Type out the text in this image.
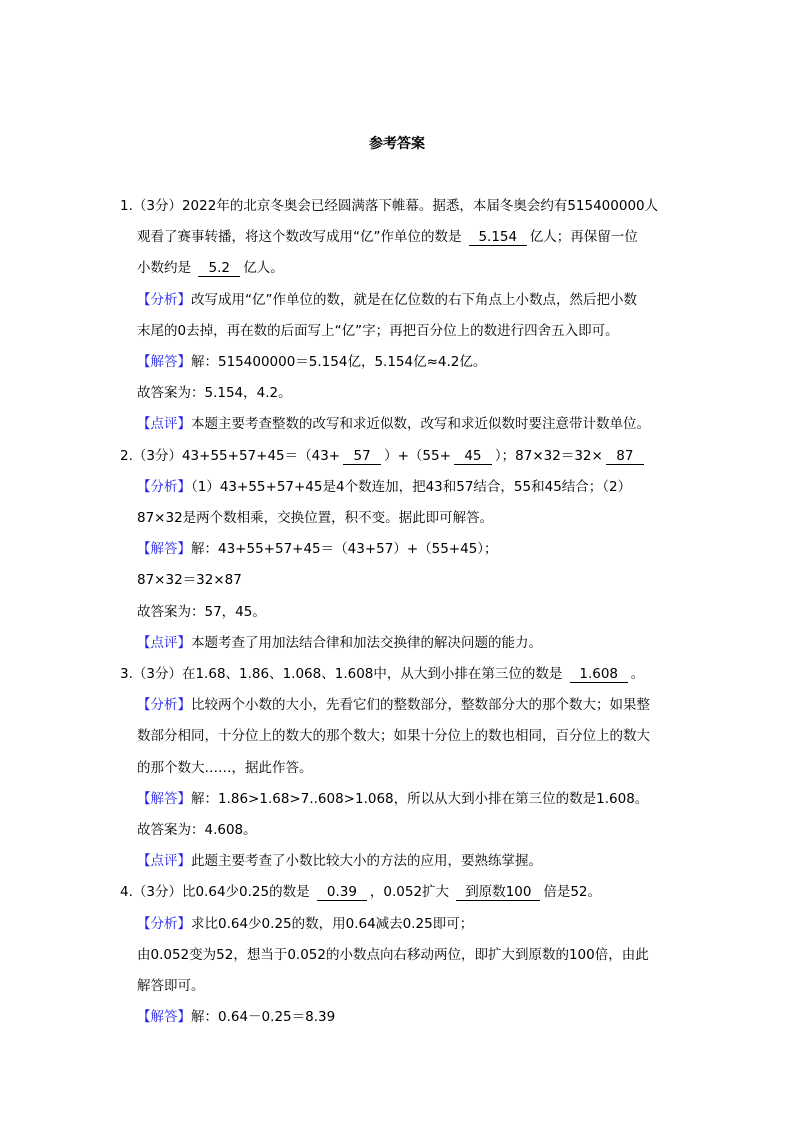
参考答案
1.（3分）2022年的北京冬奥会已经圆满落下帷幕。据悉，本届冬奥会约有515400000人
观看了赛事转播，将这个数改写成用“亿”作单位的数是 5.154 亿人；再保留一位
小数约是 5.2 亿人。
【分析】改写成用“亿”作单位的数，就是在亿位数的右下角点上小数点，然后把小数
末尾的0去掉，再在数的后面写上“亿”字；再把百分位上的数进行四舍五入即可。
【解答】解：515400000＝5.154亿，5.154亿≈4.2亿。
故答案为：5.154，4.2。
【点评】本题主要考查整数的改写和求近似数，改写和求近似数时要注意带计数单位。
2.（3分）43+55+57+45＝（43+ 57 ）+（55+ 45 ）；87×32＝32× 87
【分析】（1）43+55+57+45是4个数连加，把43和57结合，55和45结合；（2）
87×32是两个数相乘，交换位置，积不变。据此即可解答。
【解答】解：43+55+57+45＝（43+57）+（55+45）；
87×32＝32×87
故答案为：57，45。
【点评】本题考查了用加法结合律和加法交换律的解决问题的能力。
3.（3分）在1.68、1.86、1.068、1.608中，从大到小排在第三位的数是 1.608 。
【分析】比较两个小数的大小，先看它们的整数部分，整数部分大的那个数大；如果整
数部分相同，十分位上的数大的那个数大；如果十分位上的数也相同，百分位上的数大
的那个数大……，据此作答。
【解答】解：1.86>1.68>7..608>1.068，所以从大到小排在第三位的数是1.608。
故答案为：4.608。
【点评】此题主要考查了小数比较大小的方法的应用，要熟练掌握。
4.（3分）比0.64少0.25的数是 0.39 ，0.052扩大 到原数100 倍是52。
【分析】求比0.64少0.25的数，用0.64减去0.25即可；
由0.052变为52，想当于0.052的小数点向右移动两位，即扩大到原数的100倍，由此
解答即可。
【解答】解：0.64－0.25＝8.39
